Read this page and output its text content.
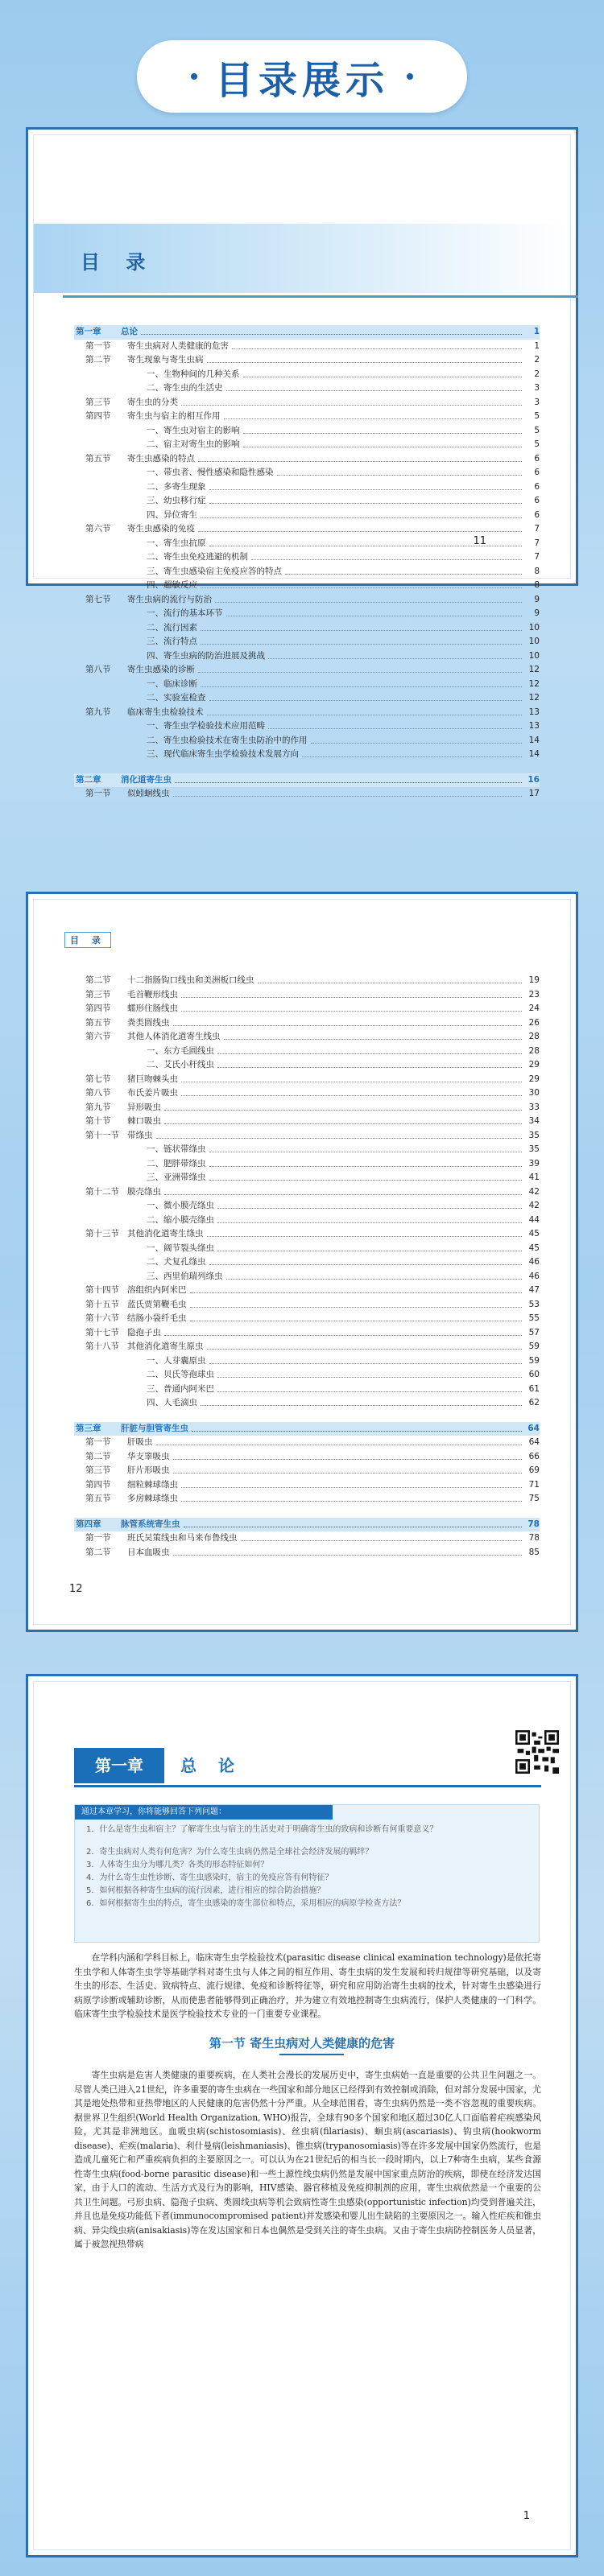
目录展示
目 录
第一章 总论	1
第一节 寄生虫病对人类健康的危害	1
第二节 寄生现象与寄生虫病	2
一、生物种间的几种关系	2
二、寄生虫的生活史	3
第三节 寄生虫的分类	3
第四节 寄生虫与宿主的相互作用	5
一、寄生虫对宿主的影响	5
二、宿主对寄生虫的影响	5
第五节 寄生虫感染的特点	6
一、带虫者、慢性感染和隐性感染	6
二、多寄生现象	6
三、幼虫移行症	6
四、异位寄生	6
第六节 寄生虫感染的免疫	7
一、寄生虫抗原	7
二、寄生虫免疫逃避的机制	7
三、寄生虫感染宿主免疫应答的特点	8
四、超敏反应	8
第七节 寄生虫病的流行与防治	9
一、流行的基本环节	9
二、流行因素	10
三、流行特点	10
四、寄生虫病的防治进展及挑战	10
第八节 寄生虫感染的诊断	12
一、临床诊断	12
二、实验室检查	12
第九节 临床寄生虫检验技术	13
一、寄生虫学检验技术应用范畴	13
二、寄生虫检验技术在寄生虫防治中的作用	14
三、现代临床寄生虫学检验技术发展方向	14
第二章 消化道寄生虫	16
第一节 似蚓蛔线虫	17
11
目 录
第二节 十二指肠钩口线虫和美洲板口线虫	19
第三节 毛首鞭形线虫	23
第四节 蠕形住肠线虫	24
第五节 粪类圆线虫	26
第六节 其他人体消化道寄生线虫	28
一、东方毛圆线虫	28
二、艾氏小杆线虫	29
第七节 猪巨吻棘头虫	29
第八节 布氏姜片吸虫	30
第九节 异形吸虫	33
第十节 棘口吸虫	34
第十一节 带绦虫	35
一、链状带绦虫	35
二、肥胖带绦虫	39
三、亚洲带绦虫	41
第十二节 膜壳绦虫	42
一、微小膜壳绦虫	42
二、缩小膜壳绦虫	44
第十三节 其他消化道寄生绦虫	45
一、阔节裂头绦虫	45
二、犬复孔绦虫	46
三、西里伯瑞列绦虫	46
第十四节 溶组织内阿米巴	47
第十五节 蓝氏贾第鞭毛虫	53
第十六节 结肠小袋纤毛虫	55
第十七节 隐孢子虫	57
第十八节 其他消化道寄生原虫	59
一、人芽囊原虫	59
二、贝氏等孢球虫	60
三、普通内阿米巴	61
四、人毛滴虫	62
第三章 肝脏与胆管寄生虫	64
第一节 肝吸虫	64
第二节 华支睾吸虫	66
第三节 肝片形吸虫	69
第四节 细粒棘球绦虫	71
第五节 多房棘球绦虫	75
第四章 脉管系统寄生虫	78
第一节 班氏吴策线虫和马来布鲁线虫	78
第二节 日本血吸虫	85
12
第一章	总 论
通过本章学习，你将能够回答下列问题：
1．什么是寄生虫和宿主？了解寄生虫与宿主的生活史对于明确寄生虫的致病和诊断有何重要意义？
2．寄生虫病对人类有何危害？为什么寄生虫病仍然是全球社会经济发展的羁绊？
3．人体寄生虫分为哪几类？各类的形态特征如何？
4．为什么寄生虫性诊断、寄生虫感染时，宿主的免疫应答有何特征？
5．如何根据各种寄生虫病的流行因素，进行相应的综合防治措施？
6．如何根据寄生虫的特点，寄生虫感染的寄生部位和特点，采用相应的病原学检查方法？
在学科内涵和学科目标上，临床寄生虫学检验技术(parasitic disease clinical examination technology)是依托寄生虫学和人体寄生虫学等基础学科对寄生虫与人体之间的相互作用、寄生虫病的发生发展和转归规律等研究基础，以及寄生虫的形态、生活史、致病特点、流行规律、免疫和诊断特征等，研究和应用防治寄生虫病的技术，针对寄生虫感染进行病原学诊断或辅助诊断，从而使患者能够得到正确治疗，并为建立有效地控制寄生虫病流行，保护人类健康的一门科学。临床寄生虫学检验技术是医学检验技术专业的一门重要专业课程。
第一节 寄生虫病对人类健康的危害
寄生虫病是危害人类健康的重要疾病，在人类社会漫长的发展历史中，寄生虫病始一直是重要的公共卫生问题之一。尽管人类已进入21世纪，许多重要的寄生虫病在一些国家和部分地区已经得到有效控制或消除，但对部分发展中国家，尤其是地处热带和亚热带地区的人民健康的危害仍然十分严重。从全球范围看，寄生虫病仍然是一类不容忽视的重要疾病。据世界卫生组织(World Health Organization, WHO)报告，全球有90多个国家和地区超过30亿人口面临着疟疾感染风险，尤其是非洲地区。血吸虫病(schistosomiasis)、丝虫病(filariasis)、蛔虫病(ascariasis)、钩虫病(hookworm disease)、疟疾(malaria)、利什曼病(leishmaniasis)、锥虫病(trypanosomiasis)等在许多发展中国家仍然流行，也是造成儿童死亡和严重疾病负担的主要原因之一。可以认为在21世纪后的相当长一段时期内，以上7种寄生虫病，某些食源性寄生虫病(food-borne parasitic disease)和一些土源性线虫病仍然是发展中国家重点防治的疾病，即使在经济发达国家，由于人口的流动、生活方式及行为的影响，HIV感染、器官移植及免疫抑制剂的应用，寄生虫病依然是一个重要的公共卫生问题。弓形虫病、隐孢子虫病、类圆线虫病等机会致病性寄生虫感染(opportunistic infection)均受到普遍关注，并且也是免疫功能低下者(immunocompromised patient)并发感染和婴儿出生缺陷的主要原因之一。输入性疟疾和锥虫病、异尖线虫病(anisakiasis)等在发达国家和日本也偶然是受到关注的寄生虫病。又由于寄生虫病防控制医务人员显著，属于被忽视热带病
1
